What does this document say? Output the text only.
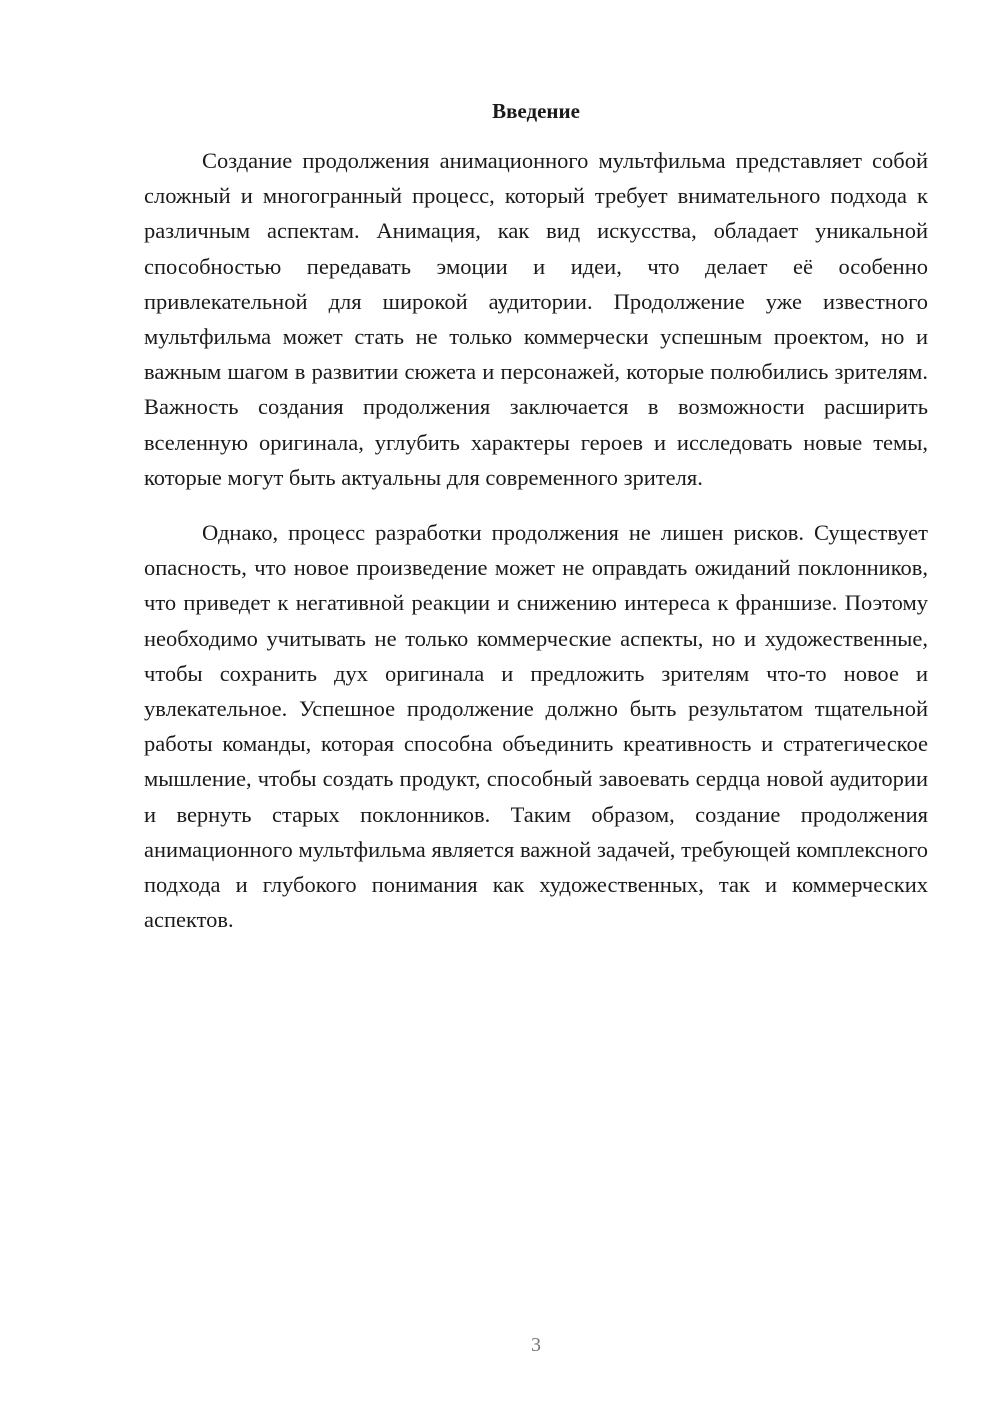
Введение

Создание продолжения анимационного мультфильма представляет собой сложный и многогранный процесс, который требует внимательного подхода к различным аспектам. Анимация, как вид искусства, обладает уникальной способностью передавать эмоции и идеи, что делает её особенно привлекательной для широкой аудитории. Продолжение уже известного мультфильма может стать не только коммерчески успешным проектом, но и важным шагом в развитии сюжета и персонажей, которые полюбились зрителям. Важность создания продолжения заключается в возможности расширить вселенную оригинала, углубить характеры героев и исследовать новые темы, которые могут быть актуальны для современного зрителя.

Однако, процесс разработки продолжения не лишен рисков. Существует опасность, что новое произведение может не оправдать ожиданий поклонников, что приведет к негативной реакции и снижению интереса к франшизе. Поэтому необходимо учитывать не только коммерческие аспекты, но и художественные, чтобы сохранить дух оригинала и предложить зрителям что-то новое и увлекательное. Успешное продолжение должно быть результатом тщательной работы команды, которая способна объединить креативность и стратегическое мышление, чтобы создать продукт, способный завоевать сердца новой аудитории и вернуть старых поклонников. Таким образом, создание продолжения анимационного мультфильма является важной задачей, требующей комплексного подхода и глубокого понимания как художественных, так и коммерческих аспектов.

3
